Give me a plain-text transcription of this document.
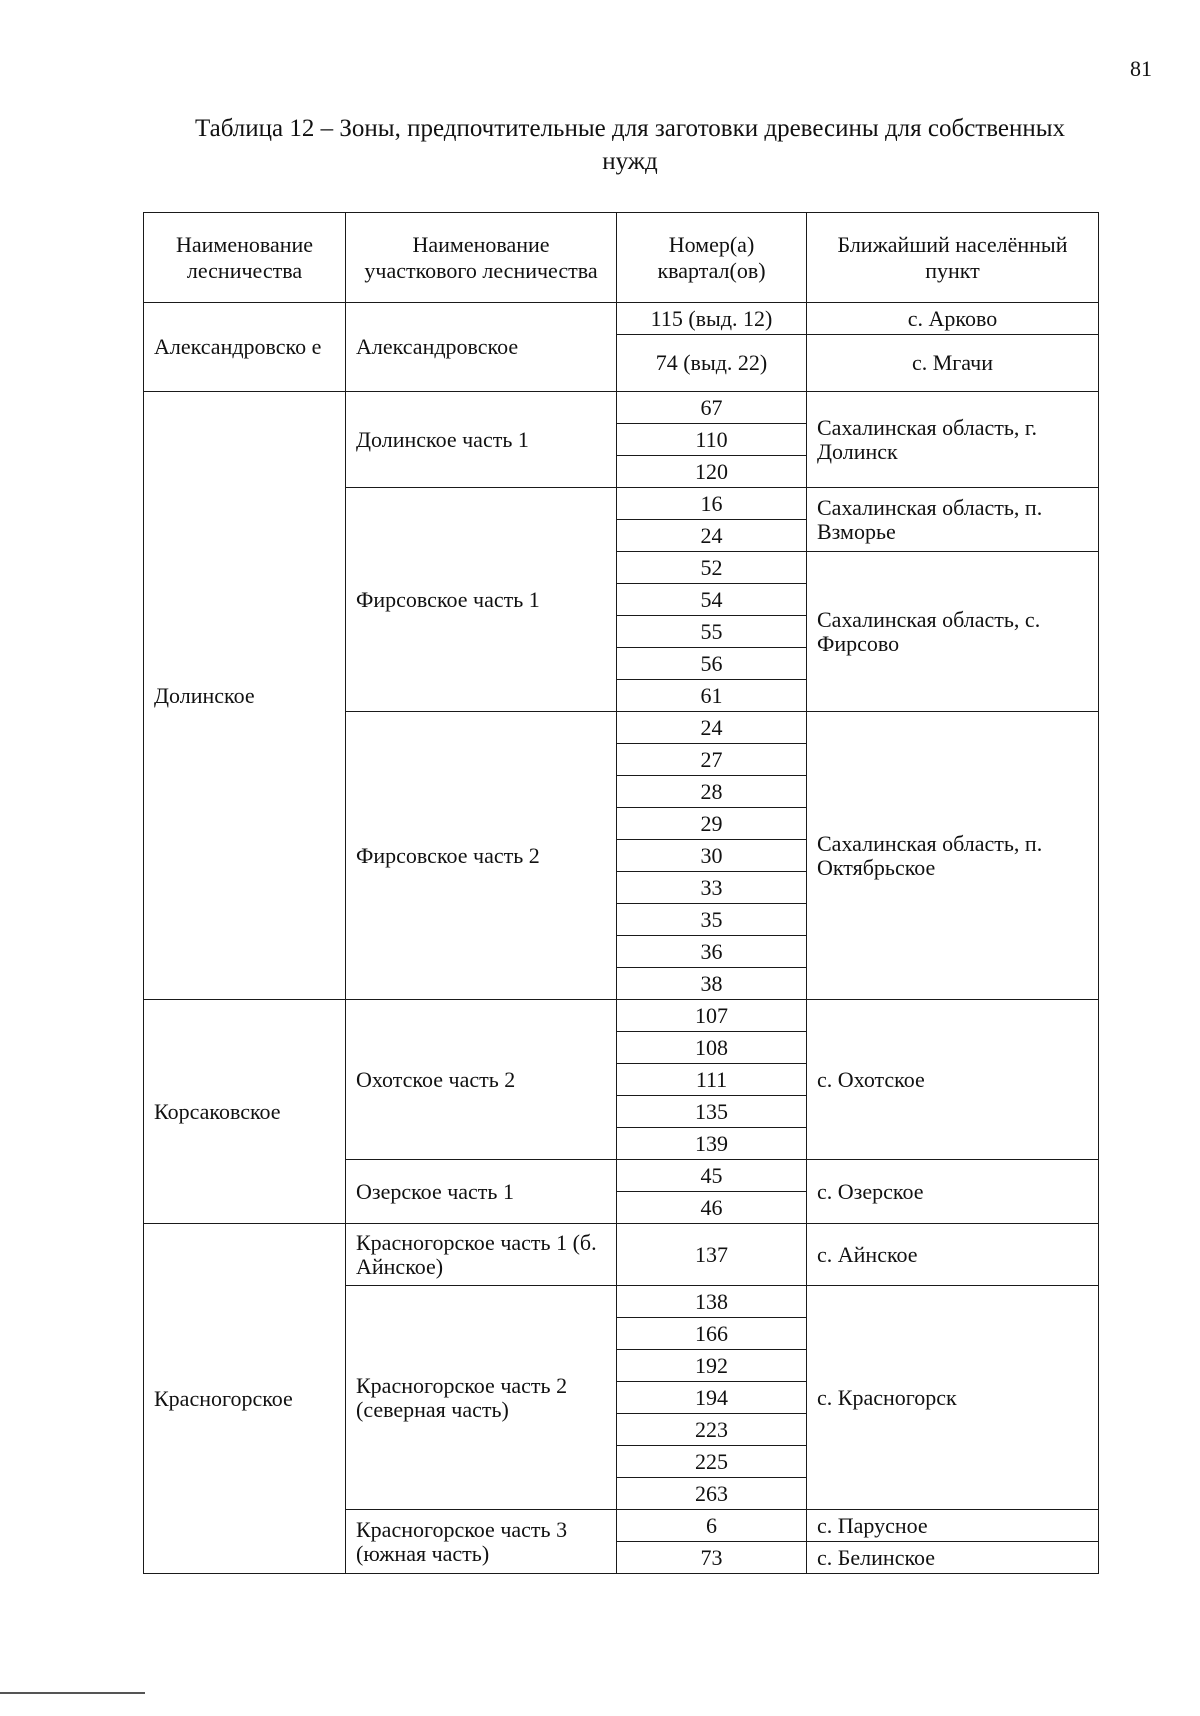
81
Таблица 12 – Зоны, предпочтительные для заготовки древесины для собственных
нужд
Наименование лесничества	Наименование участкового лесничества	Номер(а) квартал(ов)	Ближайший населённый пункт
Александровско е	Александровское	115 (выд. 12)	с. Арково
		74 (выд. 22)	с. Мгачи
Долинское	Долинское часть 1	67	Сахалинская область, г. Долинск
		110	
		120	
	Фирсовское часть 1	16	Сахалинская область, п. Взморье
		24	
		52	Сахалинская область, с. Фирсово
		54	
		55	
		56	
		61	
	Фирсовское часть 2	24	Сахалинская область, п. Октябрьское
		27	
		28	
		29	
		30	
		33	
		35	
		36	
		38	
Корсаковское	Охотское часть 2	107	с. Охотское
		108	
		111	
		135	
		139	
	Озерское часть 1	45	с. Озерское
		46	
Красногорское	Красногорское часть 1 (б. Айнское)	137	с. Айнское
	Красногорское часть 2 (северная часть)	138	с. Красногорск
		166	
		192	
		194	
		223	
		225	
		263	
	Красногорское часть 3 (южная часть)	6	с. Парусное
		73	с. Белинское
